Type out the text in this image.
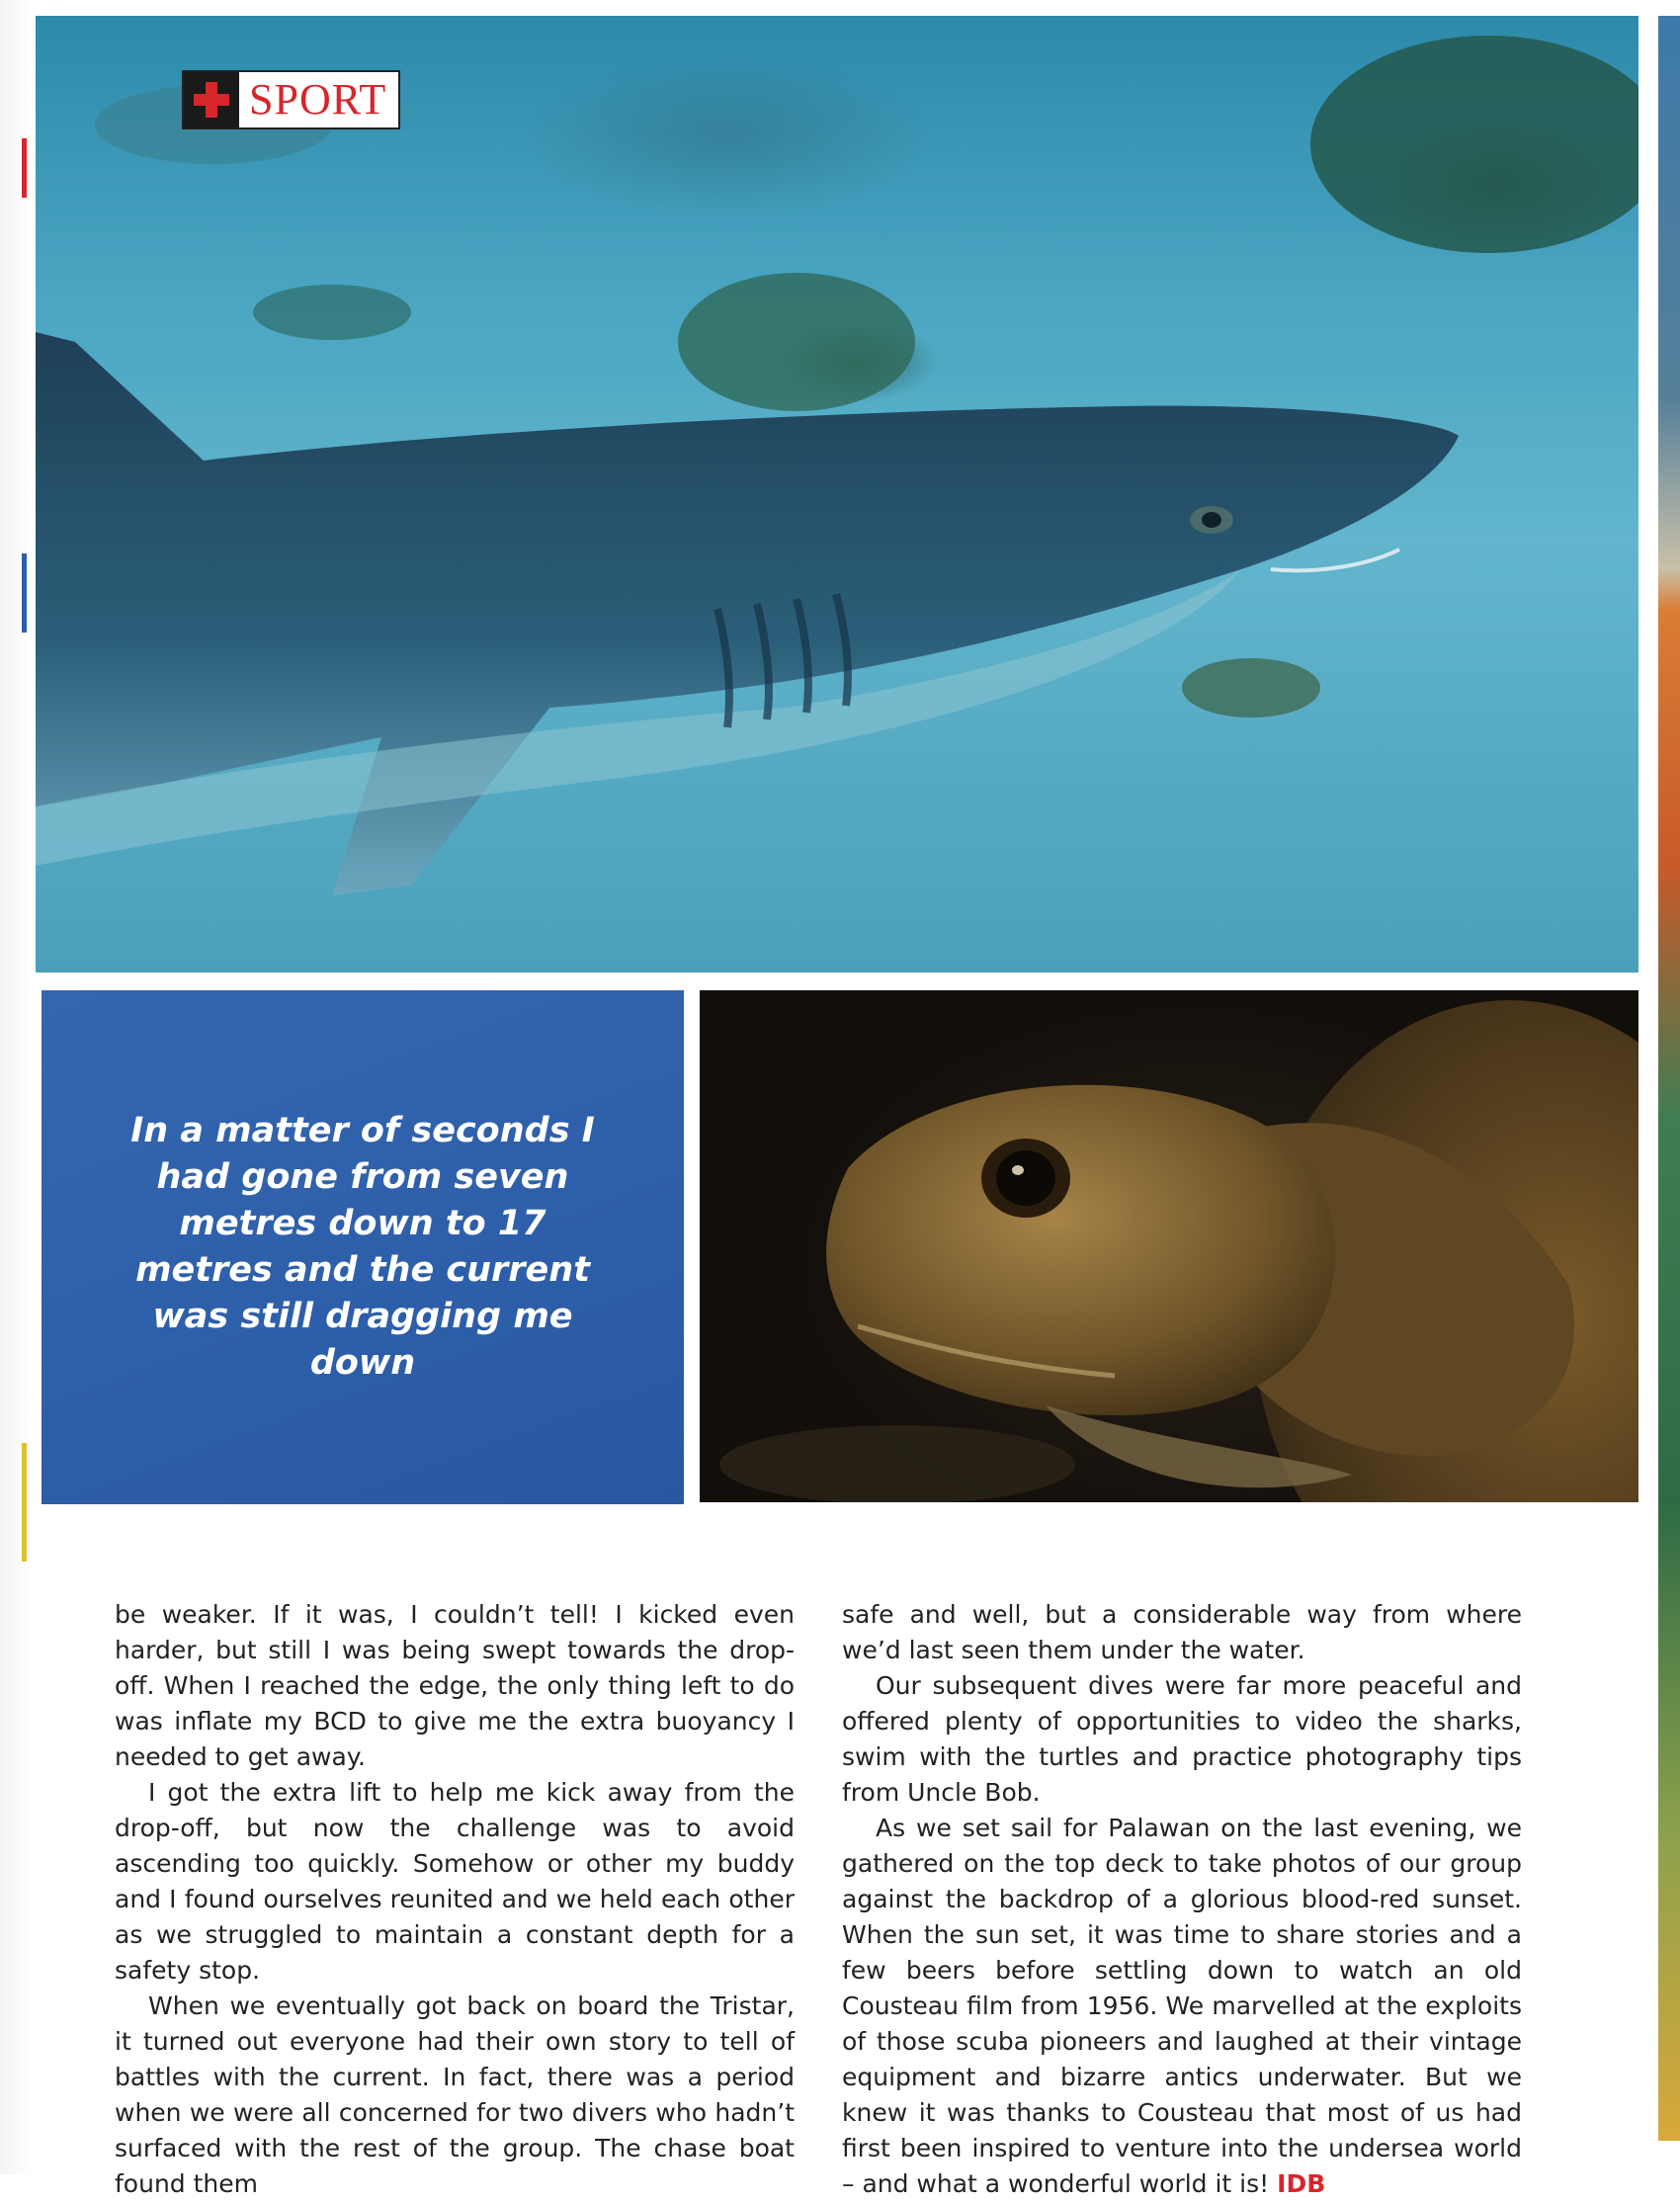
SPORT

In a matter of seconds I had gone from seven metres down to 17 metres and the current was still dragging me down

be weaker. If it was, I couldn’t tell! I kicked even harder, but still I was being swept towards the drop-off. When I reached the edge, the only thing left to do was inflate my BCD to give me the extra buoyancy I needed to get away.

I got the extra lift to help me kick away from the drop-off, but now the challenge was to avoid ascending too quickly. Somehow or other my buddy and I found ourselves reunited and we held each other as we struggled to maintain a constant depth for a safety stop.

When we eventually got back on board the Tristar, it turned out everyone had their own story to tell of battles with the current. In fact, there was a period when we were all concerned for two divers who hadn’t surfaced with the rest of the group. The chase boat found them

safe and well, but a considerable way from where we’d last seen them under the water.

Our subsequent dives were far more peaceful and offered plenty of opportunities to video the sharks, swim with the turtles and practice photography tips from Uncle Bob.

As we set sail for Palawan on the last evening, we gathered on the top deck to take photos of our group against the backdrop of a glorious blood-red sunset. When the sun set, it was time to share stories and a few beers before settling down to watch an old Cousteau film from 1956. We marvelled at the exploits of those scuba pioneers and laughed at their vintage equipment and bizarre antics underwater. But we knew it was thanks to Cousteau that most of us had first been inspired to venture into the undersea world – and what a wonderful world it is! IDB
